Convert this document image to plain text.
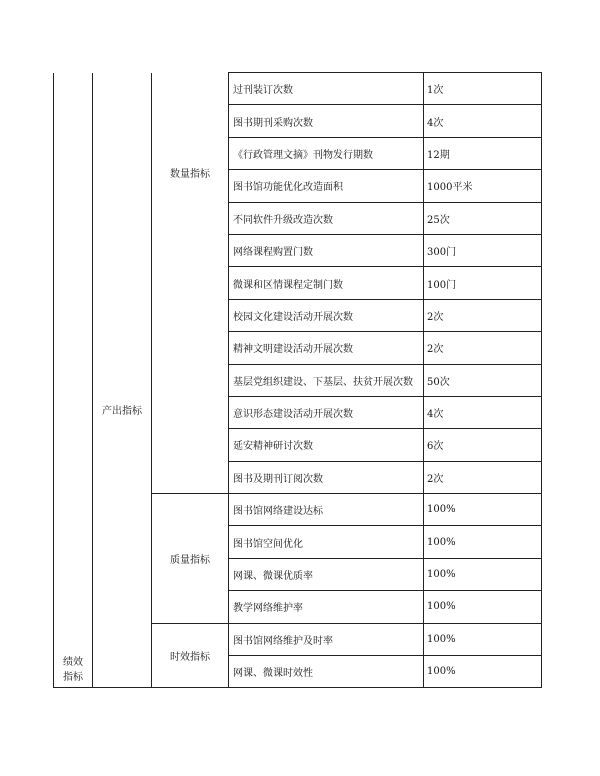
绩效指标	产出指标	数量指标	过刊装订次数	1次
			图书期刊采购次数	4次
			《行政管理文摘》刊物发行期数	12期
			图书馆功能优化改造面积	1000平米
			不同软件升级改造次数	25次
			网络课程购置门数	300门
			微课和区情课程定制门数	100门
			校园文化建设活动开展次数	2次
			精神文明建设活动开展次数	2次
			基层党组织建设、下基层、扶贫开展次数	50次
			意识形态建设活动开展次数	4次
			延安精神研讨次数	6次
			图书及期刊订阅次数	2次
		质量指标	图书馆网络建设达标	100%
			图书馆空间优化	100%
			网课、微课优质率	100%
			教学网络维护率	100%
		时效指标	图书馆网络维护及时率	100%
			网课、微课时效性	100%
